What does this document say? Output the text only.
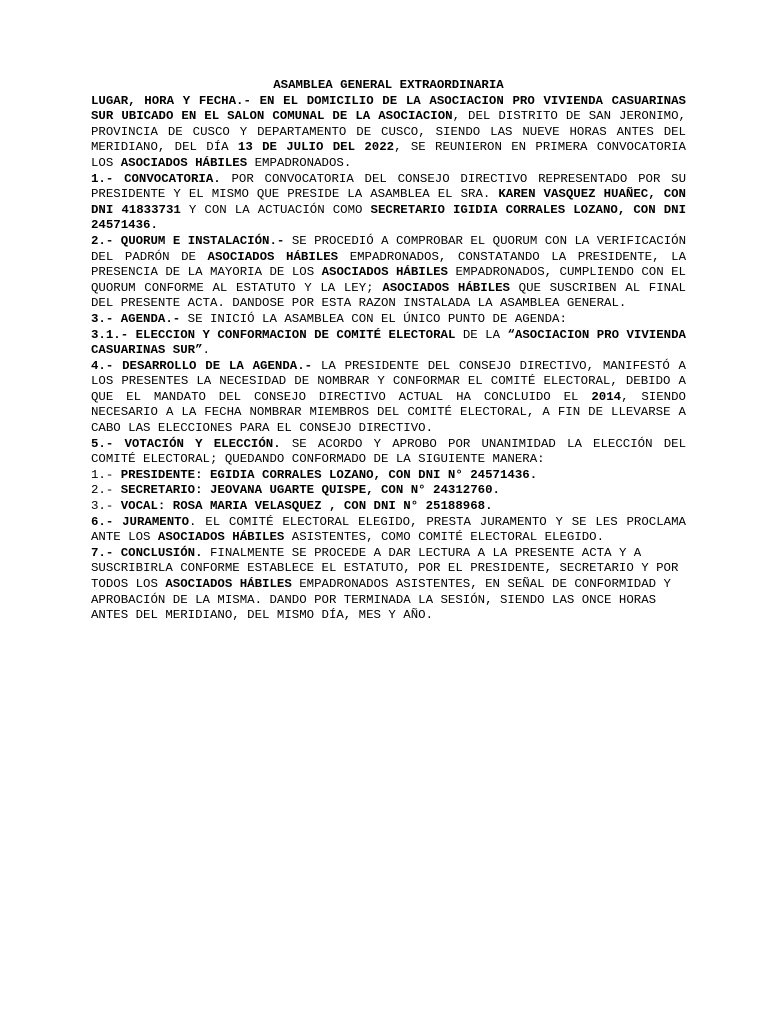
ASAMBLEA GENERAL EXTRAORDINARIA
LUGAR, HORA Y FECHA.- EN EL DOMICILIO DE LA ASOCIACION PRO VIVIENDA CASUARINAS SUR UBICADO EN EL SALON COMUNAL DE LA ASOCIACION, DEL DISTRITO DE SAN JERONIMO, PROVINCIA DE CUSCO Y DEPARTAMENTO DE CUSCO, SIENDO LAS NUEVE HORAS ANTES DEL MERIDIANO, DEL DÍA 13 DE JULIO DEL 2022, SE REUNIERON EN PRIMERA CONVOCATORIA LOS ASOCIADOS HÁBILES EMPADRONADOS.
1.- CONVOCATORIA. POR CONVOCATORIA DEL CONSEJO DIRECTIVO REPRESENTADO POR SU PRESIDENTE Y EL MISMO QUE PRESIDE LA ASAMBLEA EL SRA. KAREN VASQUEZ HUAÑEC, CON DNI 41833731 Y CON LA ACTUACIÓN COMO SECRETARIO IGIDIA CORRALES LOZANO, CON DNI 24571436.
2.- QUORUM E INSTALACIÓN.- SE PROCEDIÓ A COMPROBAR EL QUORUM CON LA VERIFICACIÓN DEL PADRÓN DE ASOCIADOS HÁBILES EMPADRONADOS, CONSTATANDO LA PRESIDENTE, LA PRESENCIA DE LA MAYORIA DE LOS ASOCIADOS HÁBILES EMPADRONADOS, CUMPLIENDO CON EL QUORUM CONFORME AL ESTATUTO Y LA LEY; ASOCIADOS HÁBILES QUE SUSCRIBEN AL FINAL DEL PRESENTE ACTA. DANDOSE POR ESTA RAZON INSTALADA LA ASAMBLEA GENERAL.
3.- AGENDA.- SE INICIÓ LA ASAMBLEA CON EL ÚNICO PUNTO DE AGENDA:
3.1.- ELECCION Y CONFORMACION DE COMITÉ ELECTORAL DE LA “ASOCIACION PRO VIVIENDA CASUARINAS SUR”.
4.- DESARROLLO DE LA AGENDA.- LA PRESIDENTE DEL CONSEJO DIRECTIVO, MANIFESTÓ A LOS PRESENTES LA NECESIDAD DE NOMBRAR Y CONFORMAR EL COMITÉ ELECTORAL, DEBIDO A QUE EL MANDATO DEL CONSEJO DIRECTIVO ACTUAL HA CONCLUIDO EL 2014, SIENDO NECESARIO A LA FECHA NOMBRAR MIEMBROS DEL COMITÉ ELECTORAL, A FIN DE LLEVARSE A CABO LAS ELECCIONES PARA EL CONSEJO DIRECTIVO.
5.- VOTACIÓN Y ELECCIÓN. SE ACORDO Y APROBO POR UNANIMIDAD LA ELECCIÓN DEL COMITÉ ELECTORAL; QUEDANDO CONFORMADO DE LA SIGUIENTE MANERA:
1.- PRESIDENTE: EGIDIA CORRALES LOZANO, CON DNI N° 24571436.
2.- SECRETARIO: JEOVANA UGARTE QUISPE, CON N° 24312760.
3.- VOCAL: ROSA MARIA VELASQUEZ , CON DNI N° 25188968.
6.- JURAMENTO. EL COMITÉ ELECTORAL ELEGIDO, PRESTA JURAMENTO Y SE LES PROCLAMA ANTE LOS ASOCIADOS HÁBILES ASISTENTES, COMO COMITÉ ELECTORAL ELEGIDO.
7.- CONCLUSIÓN. FINALMENTE SE PROCEDE A DAR LECTURA A LA PRESENTE ACTA Y A SUSCRIBIRLA CONFORME ESTABLECE EL ESTATUTO, POR EL PRESIDENTE, SECRETARIO Y POR TODOS LOS ASOCIADOS HÁBILES EMPADRONADOS ASISTENTES, EN SEÑAL DE CONFORMIDAD Y APROBACIÓN DE LA MISMA. DANDO POR TERMINADA LA SESIÓN, SIENDO LAS ONCE HORAS ANTES DEL MERIDIANO, DEL MISMO DÍA, MES Y AÑO.
